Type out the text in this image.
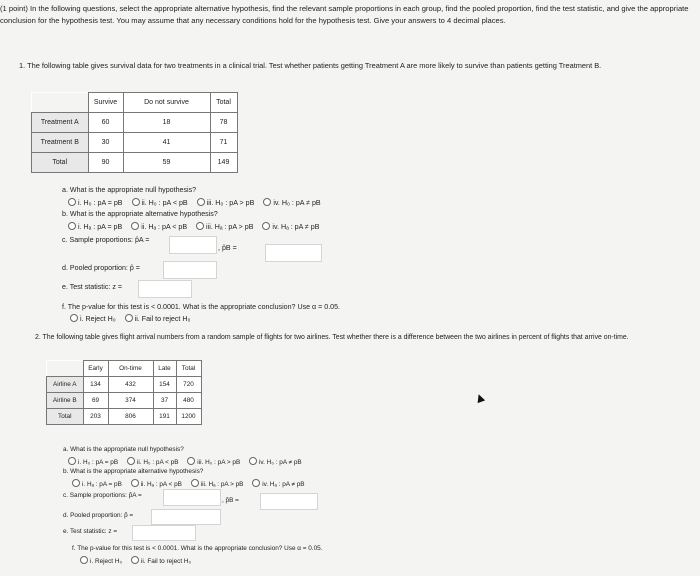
(1 point) In the following questions, select the appropriate alternative hypothesis, find the relevant sample proportions in each group, find the pooled proportion, find the test statistic, and give the appropriate conclusion for the hypothesis test. You may assume that any necessary conditions hold for the hypothesis test. Give your answers to 4 decimal places.
1. The following table gives survival data for two treatments in a clinical trial. Test whether patients getting Treatment A are more likely to survive than patients getting Treatment B.
	Survive	Do not survive	Total
Treatment A	60	18	78
Treatment B	30	41	71
Total	90	59	149
a. What is the appropriate null hypothesis?
i. H₀ : pA = pB	ii. H₀ : pA < pB	iii. H₀ : pA > pB	iv. H₀ : pA ≠ pB
b. What is the appropriate alternative hypothesis?
i. Hₐ : pA = pB	ii. Hₐ : pA < pB	iii. Hₐ : pA > pB	iv. Hₐ : pA ≠ pB
c. Sample proportions: p̂A =
, p̂B =
d. Pooled proportion: p̂ =
e. Test statistic: z =
f. The p-value for this test is < 0.0001. What is the appropriate conclusion? Use α = 0.05.
i. Reject H₀	ii. Fail to reject H₀
2. The following table gives flight arrival numbers from a random sample of flights for two airlines. Test whether there is a difference between the two airlines in percent of flights that arrive on-time.
	Early	On-time	Late	Total
Airline A	134	432	154	720
Airline B	69	374	37	480
Total	203	806	191	1200
a. What is the appropriate null hypothesis?
i. H₀ : pA = pB	ii. H₀ : pA < pB	iii. H₀ : pA > pB	iv. H₀ : pA ≠ pB
b. What is the appropriate alternative hypothesis?
i. Hₐ : pA = pB	ii. Hₐ : pA < pB	iii. Hₐ : pA > pB	iv. Hₐ : pA ≠ pB
c. Sample proportions: p̂A =
, p̂B =
d. Pooled proportion: p̂ =
e. Test statistic: z =
f. The p-value for this test is < 0.0001. What is the appropriate conclusion? Use α = 0.05.
i. Reject H₀	ii. Fail to reject H₀
